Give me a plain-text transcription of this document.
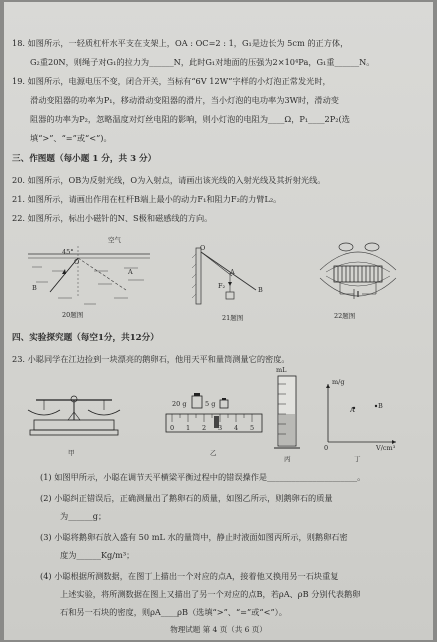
18. 如图所示，一轻质杠杆水平支在支架上，OA : OC=2 : 1，G₁是边长为 5cm 的正方体，
G₂重20N，则绳子对G₁的拉力为______N，此时G₁对地面的压强为2×10⁴Pa，G₁重______N。
19. 如图所示，电源电压不变，闭合开关，当标有“6V 12W”字样的小灯泡正常发光时，
滑动变阻器的功率为P₁，移动滑动变阻器的滑片，当小灯泡的电功率为3W时，滑动变
阻器的功率为P₂，忽略温度对灯丝电阻的影响，则小灯泡的电阻为____Ω，P₁____2P₂(选
填“>”、“=”或“<”)。
三、作图题（每小题 1 分，共 3 分）
20. 如图所示，OB为反射光线，O为入射点，请画出该光线的入射光线及其折射光线。
21. 如图所示，请画出作用在杠杆B端上最小的动力F₁和阻力F₂的力臂L₂。
22. 如图所示，标出小磁针的N、S极和磁感线的方向。
空气
45°
O
B
A
20题图
O
A
F₂	B
21题图	22题图
四、实验探究题（每空1分，共12分）
23. 小聪同学在江边捡到一块漂亮的鹅卵石，他用天平和量筒测量它的密度。
甲
20 g	5 g
0 1 2 3 4 5
乙
mL
丙
m/g
A	B
V/cm³
0
丁
(1) 如图甲所示，小聪在调节天平横梁平衡过程中的错误操作是______________________。
(2) 小聪纠正错误后，正确测量出了鹅卵石的质量，如图乙所示，则鹅卵石的质量
为______g；
(3) 小聪将鹅卵石放入盛有 50 mL 水的量筒中，静止时液面如图丙所示，则鹅卵石密
度为______Kg/m³；
(4) 小聪根据所测数据，在图丁上描出一个对应的点A，接着他又换用另一石块重复
上述实验，将所测数据在图上又描出了另一个对应的点B，若ρA、ρB 分别代表鹅卵
石和另一石块的密度，则ρA____ρB（选填“>”、“=”或“<”）。
物理试题 第 4 页（共 6 页）
